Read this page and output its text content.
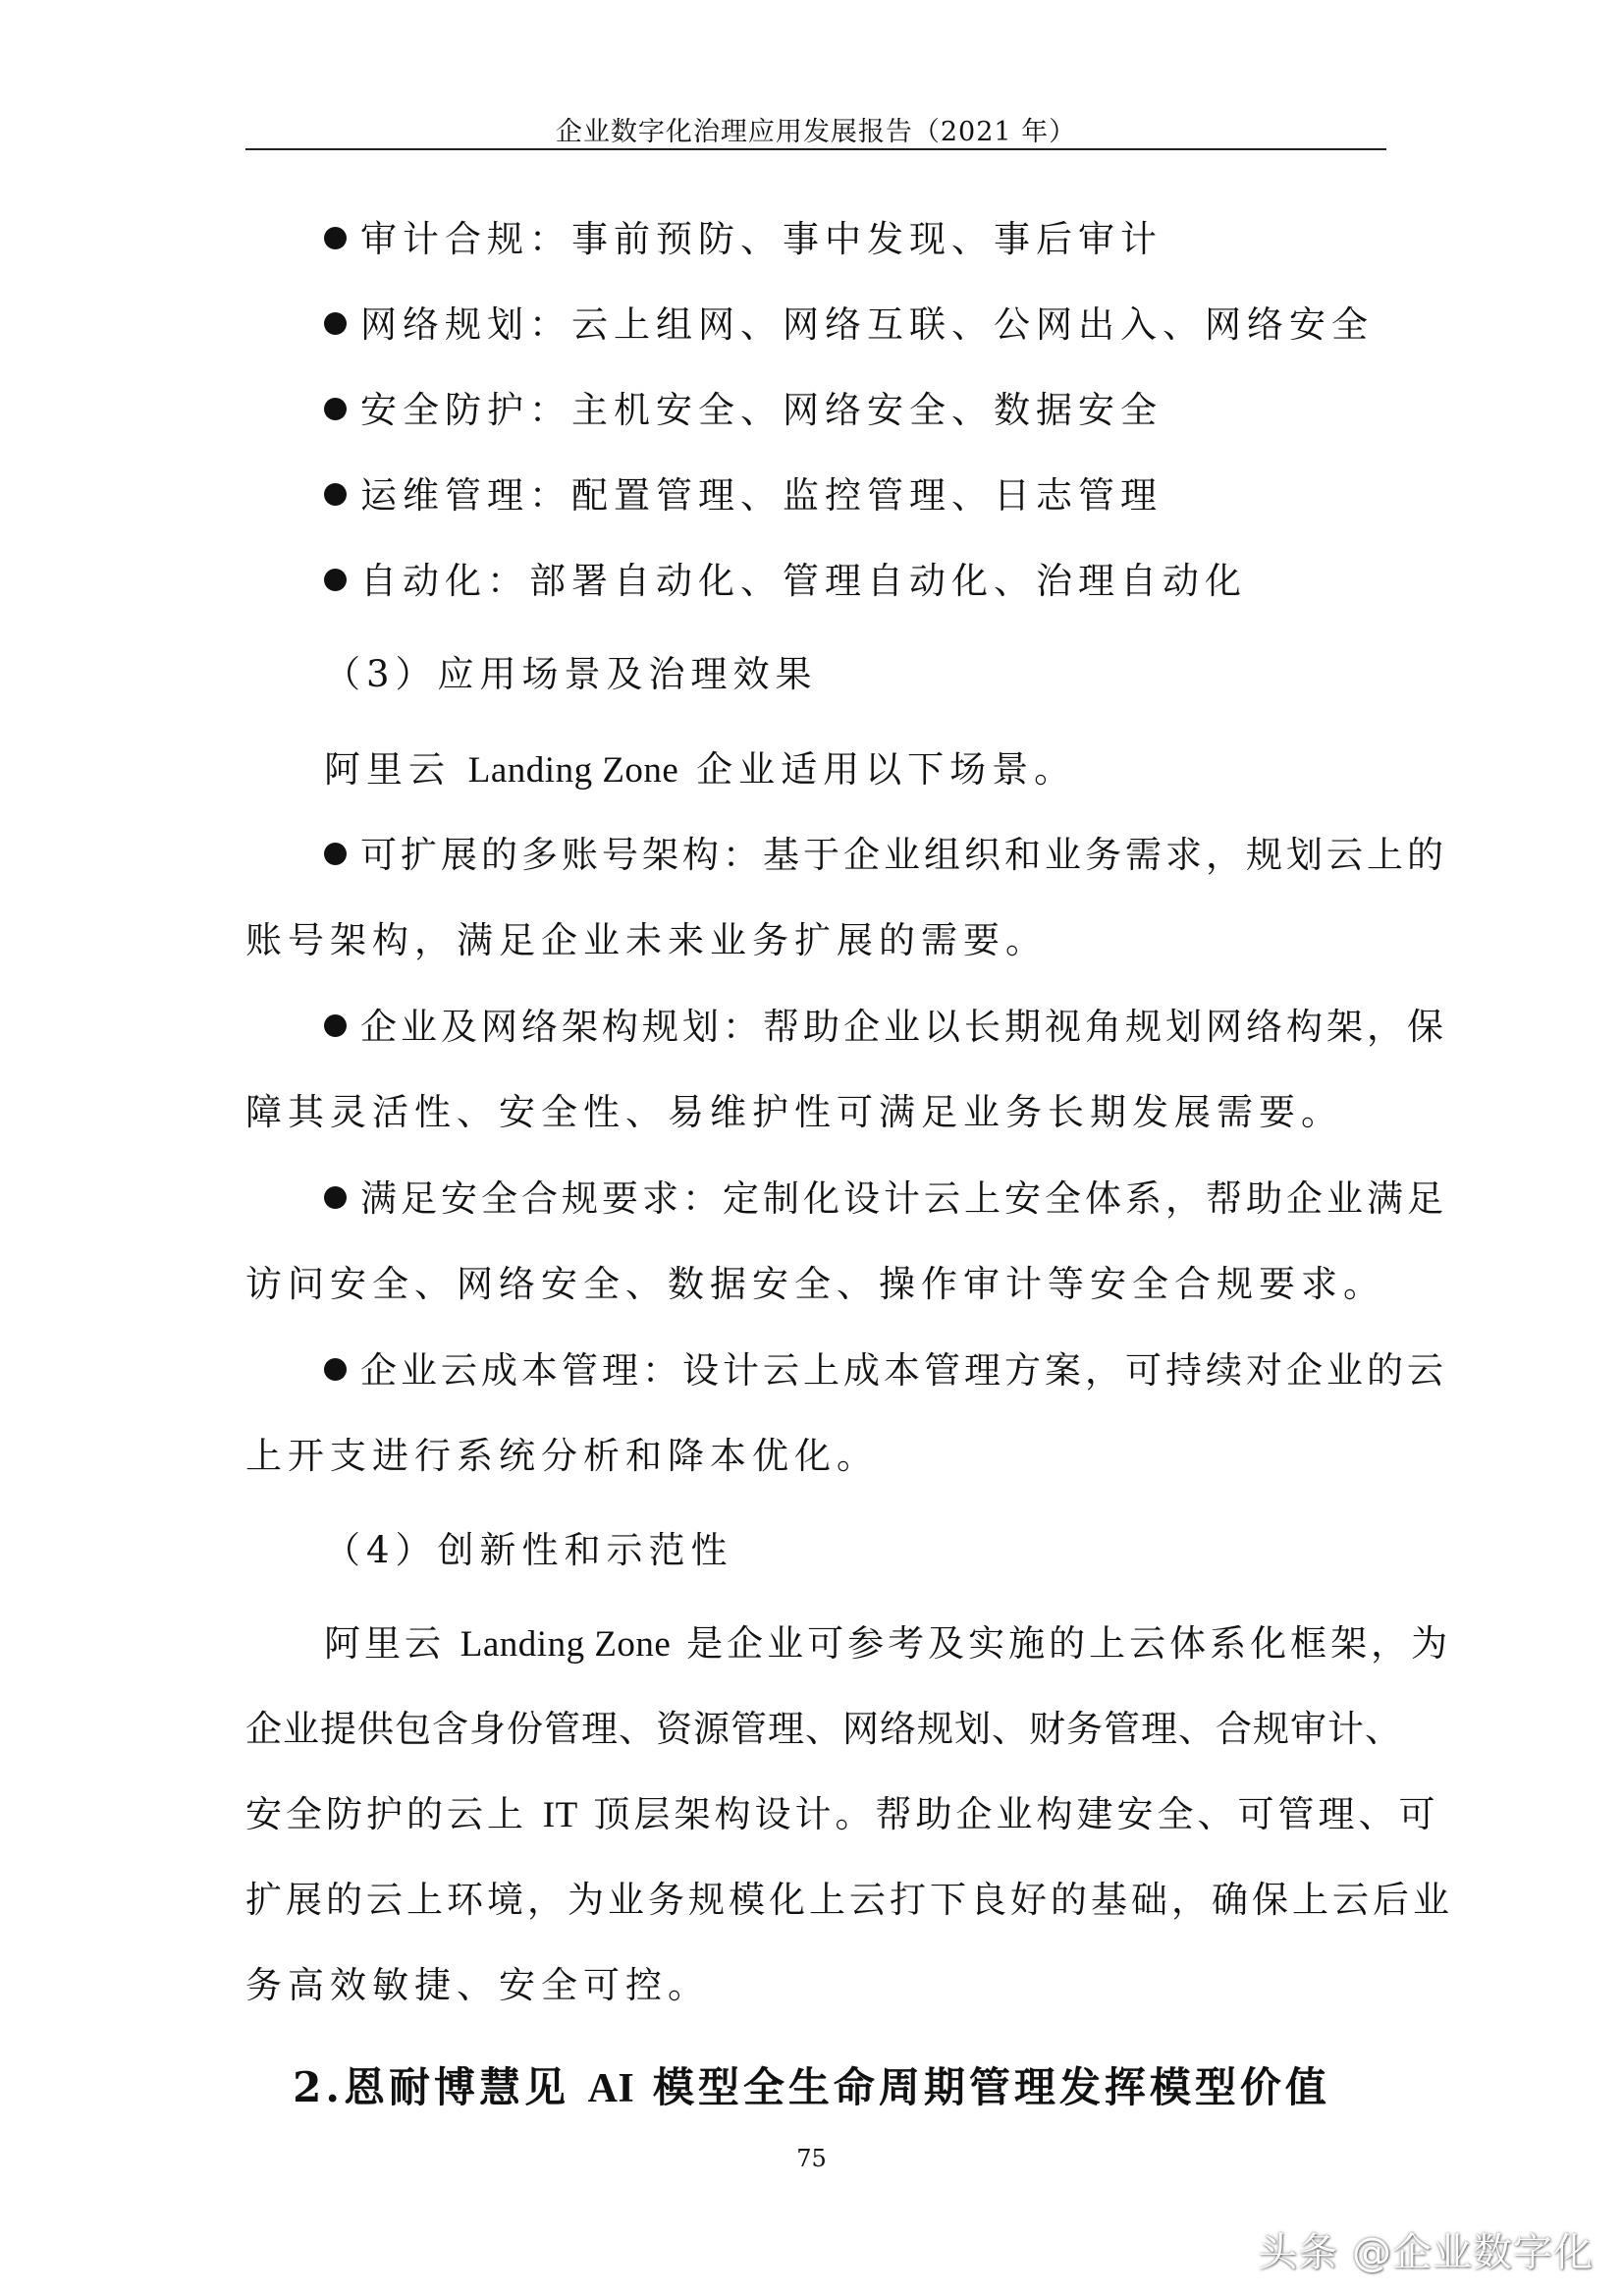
企业数字化治理应用发展报告（2021 年）
审计合规：事前预防、事中发现、事后审计
网络规划：云上组网、网络互联、公网出入、网络安全
安全防护：主机安全、网络安全、数据安全
运维管理：配置管理、监控管理、日志管理
自动化：部署自动化、管理自动化、治理自动化
（3）应用场景及治理效果
阿里云 Landing Zone 企业适用以下场景。
可扩展的多账号架构：基于企业组织和业务需求，规划云上的
账号架构，满足企业未来业务扩展的需要。
企业及网络架构规划：帮助企业以长期视角规划网络构架，保
障其灵活性、安全性、易维护性可满足业务长期发展需要。
满足安全合规要求：定制化设计云上安全体系，帮助企业满足
访问安全、网络安全、数据安全、操作审计等安全合规要求。
企业云成本管理：设计云上成本管理方案，可持续对企业的云
上开支进行系统分析和降本优化。
（4）创新性和示范性
阿里云 Landing Zone 是企业可参考及实施的上云体系化框架，为
企业提供包含身份管理、资源管理、网络规划、财务管理、合规审计、
安全防护的云上 IT 顶层架构设计。帮助企业构建安全、可管理、可
扩展的云上环境，为业务规模化上云打下良好的基础，确保上云后业
务高效敏捷、安全可控。
2.恩耐博慧见 AI 模型全生命周期管理发挥模型价值
75
头条 @企业数字化
